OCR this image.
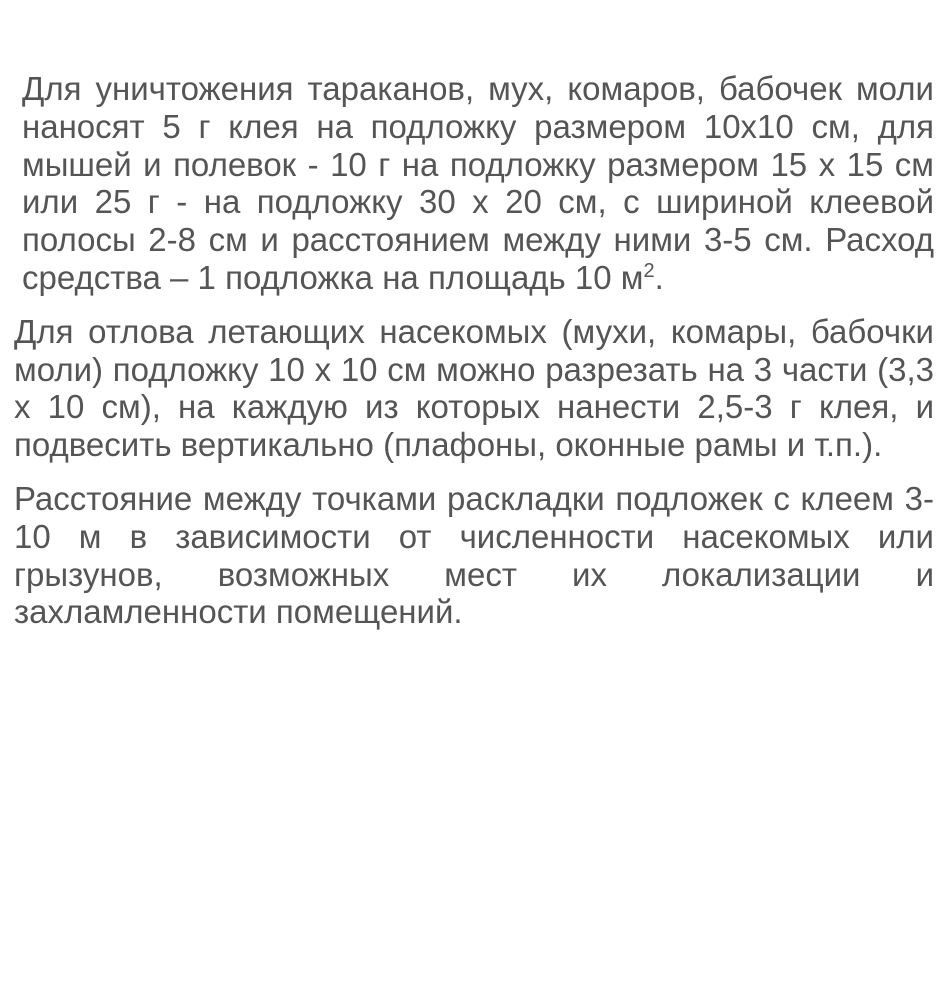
Для уничтожения тараканов, мух, комаров, бабочек моли наносят 5 г клея на подложку размером 10х10 см, для мышей и полевок - 10 г на подложку размером 15 х 15 см или 25 г - на подложку 30 х 20 см, с шириной клеевой полосы 2-8 см и расстоянием между ними 3-5 см. Расход средства – 1 подложка на площадь 10 $м^2$.

Для отлова летающих насекомых (мухи, комары, бабочки моли) подложку 10 х 10 см можно разрезать на 3 части (3,3 х 10 см), на каждую из которых нанести 2,5-3 г клея, и подвесить вертикально (плафоны, оконные рамы и т.п.).

Расстояние между точками раскладки подложек с клеем 3-10 м в зависимости от численности насекомых или грызунов, возможных мест их локализации и захламленности помещений.
